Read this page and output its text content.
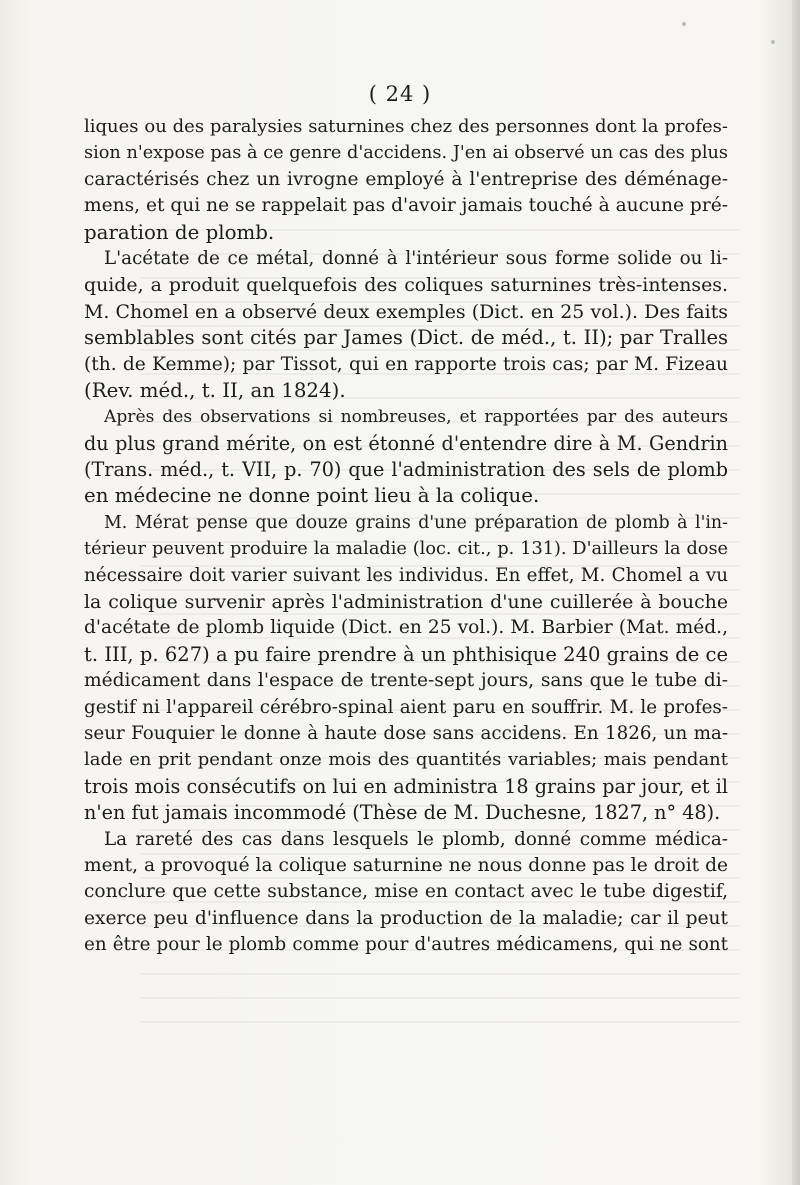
( 24 )
liques ou des paralysies saturnines chez des personnes dont la profes-
sion n'expose pas à ce genre d'accidens. J'en ai observé un cas des plus
caractérisés chez un ivrogne employé à l'entreprise des déménage-
mens, et qui ne se rappelait pas d'avoir jamais touché à aucune pré-
paration de plomb.
L'acétate de ce métal, donné à l'intérieur sous forme solide ou li-
quide, a produit quelquefois des coliques saturnines très-intenses.
M. Chomel en a observé deux exemples (Dict. en 25 vol.). Des faits
semblables sont cités par James (Dict. de méd., t. II); par Tralles
(th. de Kemme); par Tissot, qui en rapporte trois cas; par M. Fizeau
(Rev. méd., t. II, an 1824).
Après des observations si nombreuses, et rapportées par des auteurs
du plus grand mérite, on est étonné d'entendre dire à M. Gendrin
(Trans. méd., t. VII, p. 70) que l'administration des sels de plomb
en médecine ne donne point lieu à la colique.
M. Mérat pense que douze grains d'une préparation de plomb à l'in-
térieur peuvent produire la maladie (loc. cit., p. 131). D'ailleurs la dose
nécessaire doit varier suivant les individus. En effet, M. Chomel a vu
la colique survenir après l'administration d'une cuillerée à bouche
d'acétate de plomb liquide (Dict. en 25 vol.). M. Barbier (Mat. méd.,
t. III, p. 627) a pu faire prendre à un phthisique 240 grains de ce
médicament dans l'espace de trente-sept jours, sans que le tube di-
gestif ni l'appareil cérébro-spinal aient paru en souffrir. M. le profes-
seur Fouquier le donne à haute dose sans accidens. En 1826, un ma-
lade en prit pendant onze mois des quantités variables; mais pendant
trois mois consécutifs on lui en administra 18 grains par jour, et il
n'en fut jamais incommodé (Thèse de M. Duchesne, 1827, n° 48).
La rareté des cas dans lesquels le plomb, donné comme médica-
ment, a provoqué la colique saturnine ne nous donne pas le droit de
conclure que cette substance, mise en contact avec le tube digestif,
exerce peu d'influence dans la production de la maladie; car il peut
en être pour le plomb comme pour d'autres médicamens, qui ne sont
